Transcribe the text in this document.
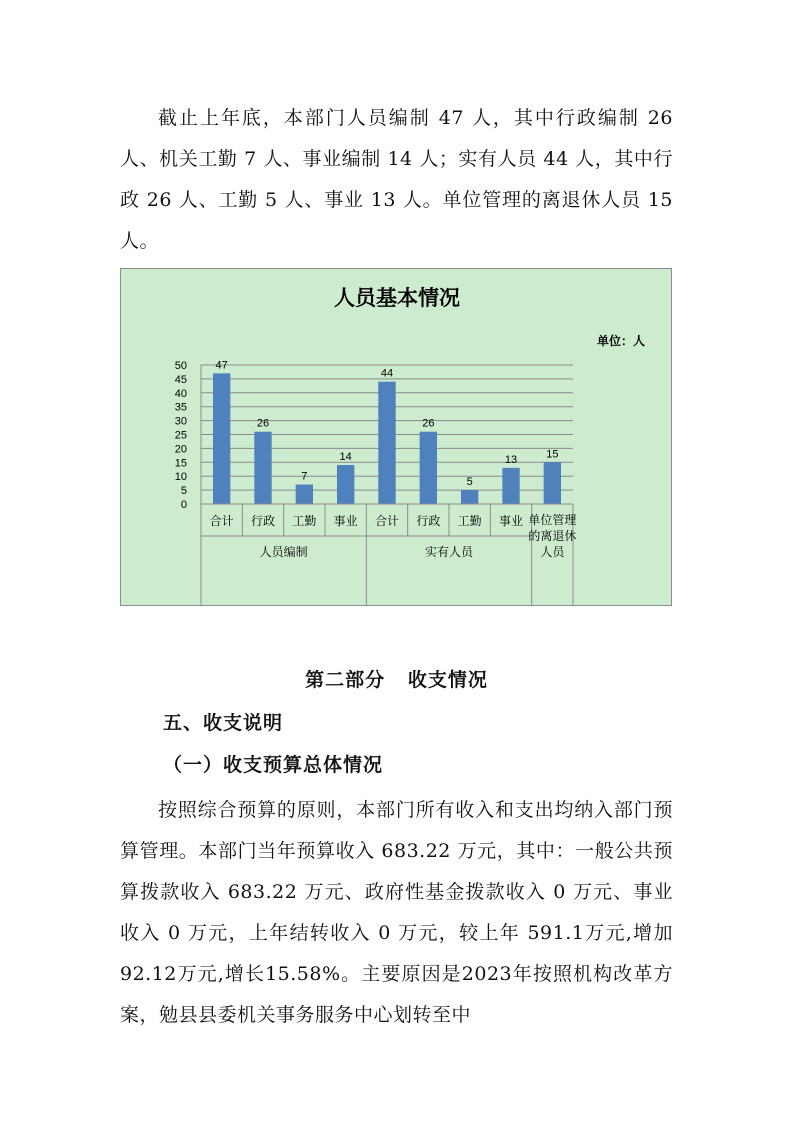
截止上年底，本部门人员编制 47 人，其中行政编制 26 人、机关工勤 7 人、事业编制 14 人；实有人员 44 人，其中行政 26 人、工勤 5 人、事业 13 人。单位管理的离退休人员 15 人。

人员基本情况
单位：人
0
5
10
15
20
25
30
35
40
45
50	47
26
7
14
44
26
5
13	15
合计 行政 工勤 事业 合计 行政 工勤 事业 单位管理的离退休人员
人员编制	实有人员
第二部分   收支情况
五、收支说明
（一）收支预算总体情况

按照综合预算的原则，本部门所有收入和支出均纳入部门预算管理。本部门当年预算收入 683.22 万元，其中：一般公共预算拨款收入 683.22 万元、政府性基金拨款收入 0 万元、事业收入 0 万元，上年结转收入 0 万元，较上年 591.1万元,增加92.12万元,增长15.58%。主要原因是2023年按照机构改革方案，勉县县委机关事务服务中心划转至中
